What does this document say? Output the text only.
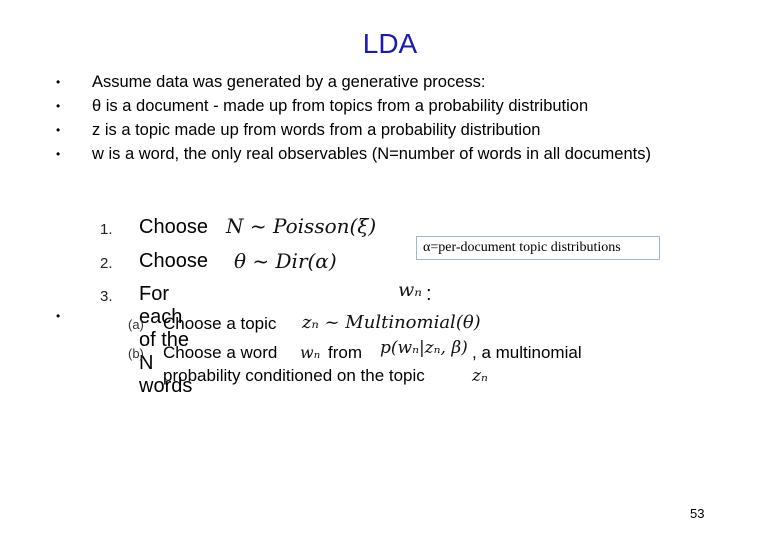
LDA
•	Assume data was generated by a generative process:
•	θ is a document - made up from topics from a probability distribution
•	z is a topic made up from words from a probability distribution
•	w is a word, the only real observables (N=number of words in all documents)
•
1. Choose N ~ Poisson(ξ)
2. Choose θ ~ Dir(α)
3. For each of the N words
wₙ :
(a) Choose a topic zₙ ~ Multinomial(θ)
(b) Choose a word wₙ from p(wₙ|zₙ, β) , a multinomial
probability conditioned on the topic	zₙ
α=per-document topic distributions
53
